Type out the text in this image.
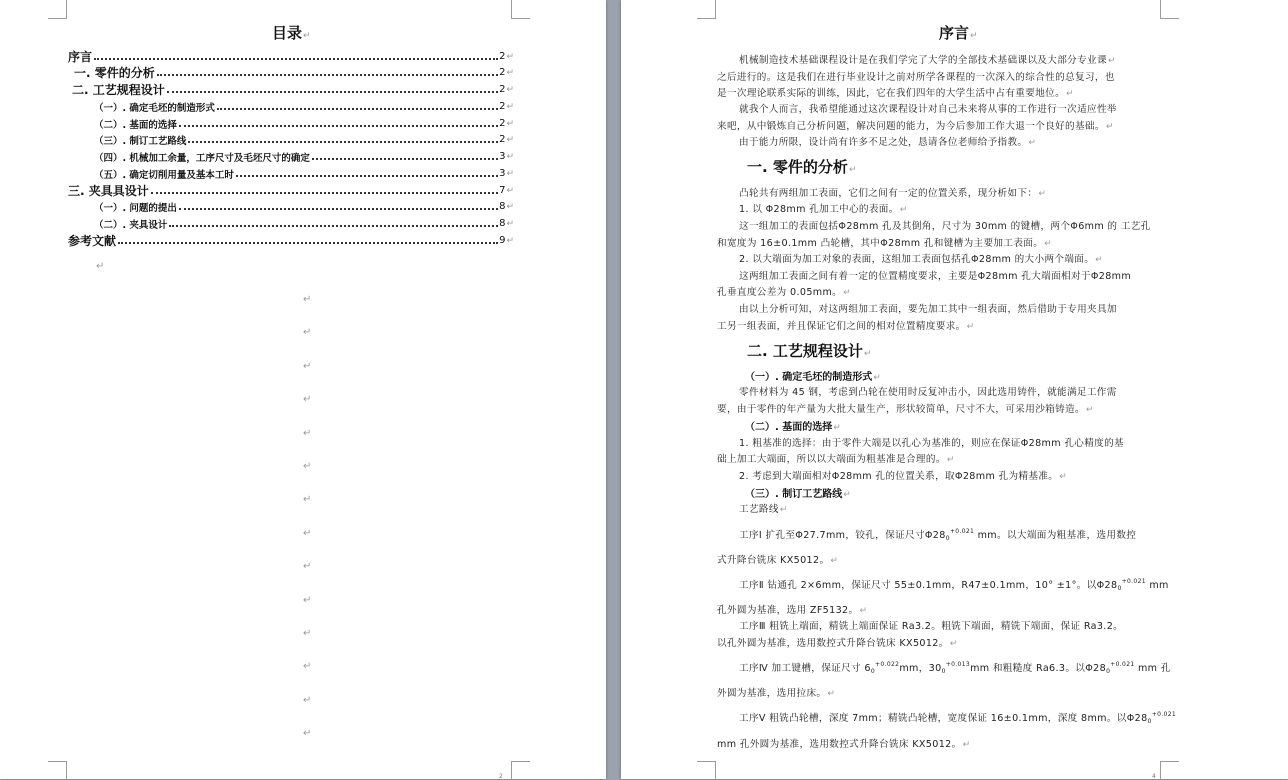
目录↵
序言	2 ↵
一. 零件的分析	2 ↵
二. 工艺规程设计	2 ↵
（一）. 确定毛坯的制造形式	2 ↵
（二）. 基面的选择	2 ↵
（三）. 制订工艺路线	2 ↵
（四）. 机械加工余量，工序尺寸及毛坯尺寸的确定	3 ↵
（五）. 确定切削用量及基本工时	3 ↵
三. 夹具具设计	7 ↵
（一）. 问题的提出	8 ↵
（二）. 夹具设计	8 ↵
参考文献	9 ↵
↵
↵
↵
↵
↵
↵
↵
↵
↵
↵
↵
↵
↵
↵
↵
2
序言↵
机械制造技术基础课程设计是在我们学完了大学的全部技术基础课以及大部分专业课↵
之后进行的。这是我们在进行毕业设计之前对所学各课程的一次深入的综合性的总复习，也
是一次理论联系实际的训练，因此，它在我们四年的大学生活中占有重要地位。↵
就我个人而言，我希望能通过这次课程设计对自己未来将从事的工作进行一次适应性举
来吧，从中锻炼自己分析问题，解决问题的能力，为今后参加工作大退一个良好的基础。↵
由于能力所限，设计尚有许多不足之处，恳请各位老师给予指教。↵
一. 零件的分析↵
凸轮共有两组加工表面，它们之间有一定的位置关系，现分析如下：↵
1. 以 Φ28mm 孔加工中心的表面。↵
这一组加工的表面包括Φ28mm 孔及其倒角，尺寸为 30mm 的键槽，两个Φ6mm 的 工艺孔
和宽度为 16±0.1mm 凸轮槽，其中Φ28mm 孔和键槽为主要加工表面。↵
2. 以大端面为加工对象的表面，这组加工表面包括孔Φ28mm 的大小两个端面。↵
这两组加工表面之间有着一定的位置精度要求，主要是Φ28mm 孔大端面相对于Φ28mm
孔垂直度公差为 0.05mm。↵
由以上分析可知，对这两组加工表面，要先加工其中一组表面，然后借助于专用夹具加
工另一组表面，并且保证它们之间的相对位置精度要求。↵
二. 工艺规程设计↵
（一）. 确定毛坯的制造形式↵
零件材料为 45 钢，考虑到凸轮在使用时反复冲击小，因此选用铸件，就能满足工作需
要，由于零件的年产量为大批大量生产，形状较简单，尺寸不大，可采用沙箱铸造。↵
（二）. 基面的选择↵
1. 粗基准的选择：由于零件大端是以孔心为基准的，则应在保证Φ28mm 孔心精度的基
础上加工大端面，所以以大端面为粗基准是合理的。↵
2. 考虑到大端面相对Φ28mm 孔的位置关系，取Φ28mm 孔为精基准。↵
（三）. 制订工艺路线↵
工艺路线↵
工序Ⅰ 扩孔至Φ27.7mm，铰孔，保证尺寸$\Phi 28_0^{+0.021}$ mm。以大端面为粗基准，选用数控
式升降台铣床 KX5012。↵
工序Ⅱ 钻通孔 2×6mm，保证尺寸 55±0.1mm，R47±0.1mm，10° ±1°。以$\Phi 28_0^{+0.021}$ mm
孔外圆为基准，选用 ZF5132。↵
工序Ⅲ 粗铣上端面，精铣上端面保证 Ra3.2。粗铣下端面，精铣下端面，保证 Ra3.2。
以孔外圆为基准，选用数控式升降台铣床 KX5012。↵
工序Ⅳ 加工键槽，保证尺寸 $6_0^{+0.022}mm$，$30_0^{+0.013}mm$ 和粗糙度 Ra6.3。以$\Phi 28_0^{+0.021}$ mm 孔
外圆为基准，选用拉床。↵
工序Ⅴ 粗铣凸轮槽，深度 7mm；精铣凸轮槽，宽度保证 16±0.1mm，深度 8mm。以$\Phi 28_0^{+0.021}$
mm 孔外圆为基准，选用数控式升降台铣床 KX5012。↵
4
